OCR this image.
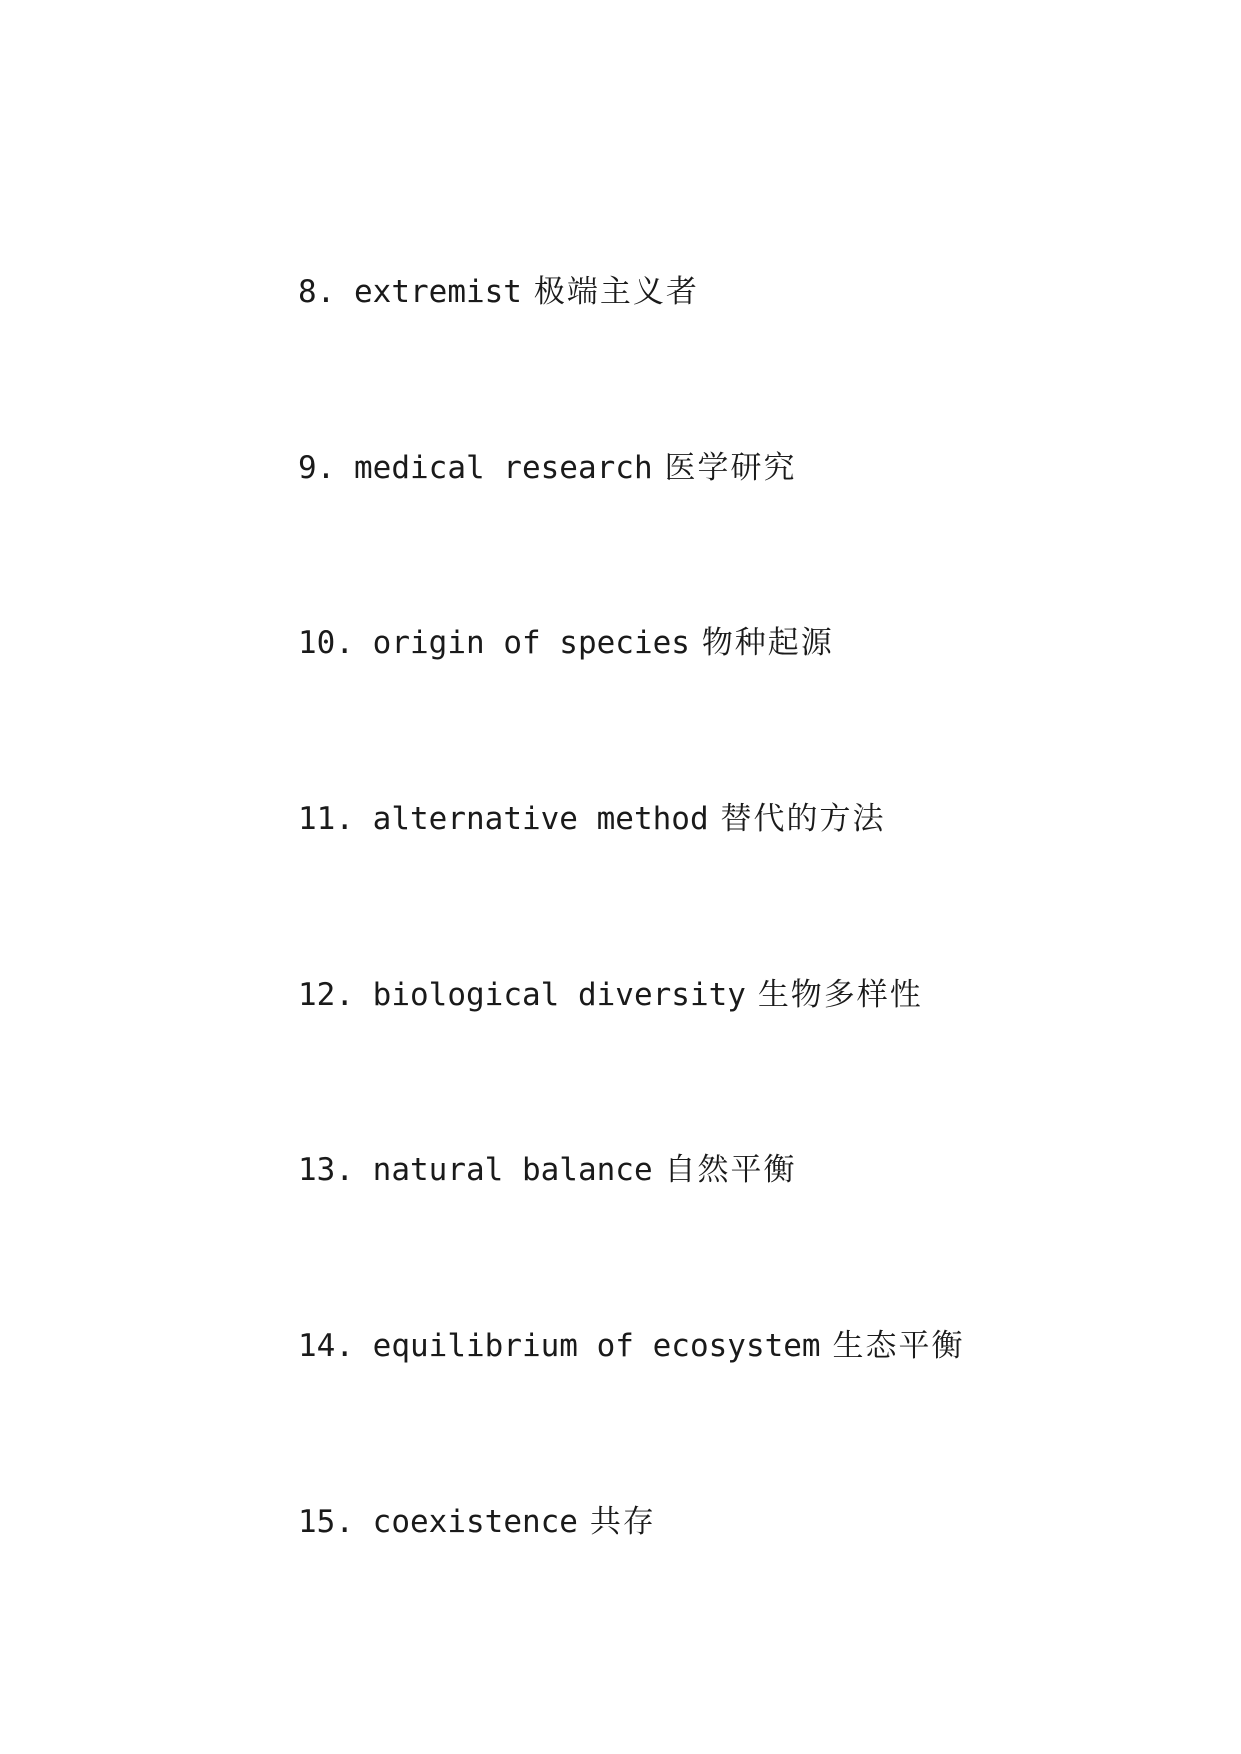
8. extremist 极端主义者
9. medical research 医学研究
10. origin of species 物种起源
11. alternative method 替代的方法
12. biological diversity 生物多样性
13. natural balance 自然平衡
14. equilibrium of ecosystem 生态平衡
15. coexistence 共存
